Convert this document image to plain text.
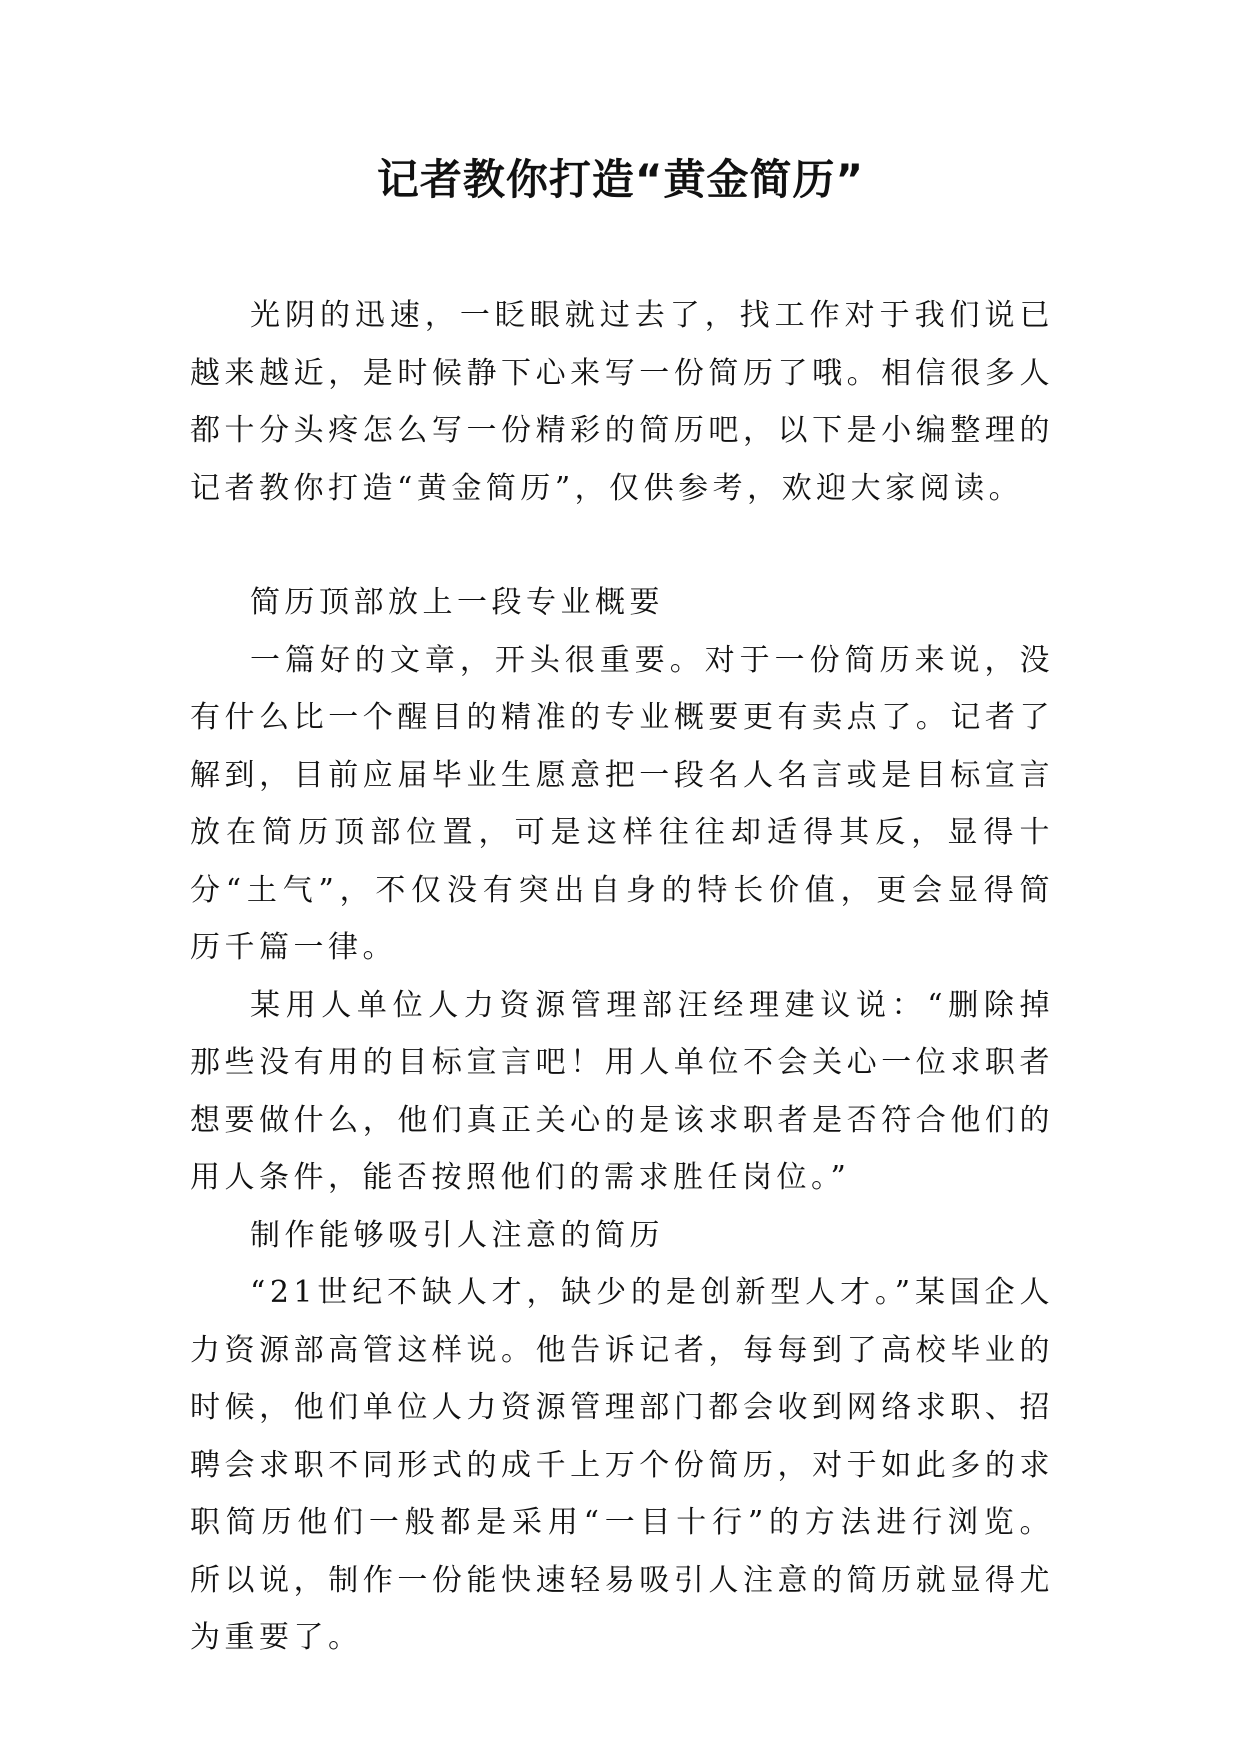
记者教你打造“黄金简历”

光阴的迅速，一眨眼就过去了，找工作对于我们说已越来越近，是时候静下心来写一份简历了哦。相信很多人都十分头疼怎么写一份精彩的简历吧，以下是小编整理的记者教你打造“黄金简历”，仅供参考，欢迎大家阅读。

简历顶部放上一段专业概要

一篇好的文章，开头很重要。对于一份简历来说，没有什么比一个醒目的精准的专业概要更有卖点了。记者了解到，目前应届毕业生愿意把一段名人名言或是目标宣言放在简历顶部位置，可是这样往往却适得其反，显得十分“土气”，不仅没有突出自身的特长价值，更会显得简历千篇一律。

某用人单位人力资源管理部汪经理建议说：“删除掉那些没有用的目标宣言吧！用人单位不会关心一位求职者想要做什么，他们真正关心的是该求职者是否符合他们的用人条件，能否按照他们的需求胜任岗位。”

制作能够吸引人注意的简历

“21世纪不缺人才，缺少的是创新型人才。”某国企人力资源部高管这样说。他告诉记者，每每到了高校毕业的时候，他们单位人力资源管理部门都会收到网络求职、招聘会求职不同形式的成千上万个份简历，对于如此多的求职简历他们一般都是采用“一目十行”的方法进行浏览。所以说，制作一份能快速轻易吸引人注意的简历就显得尤为重要了。
